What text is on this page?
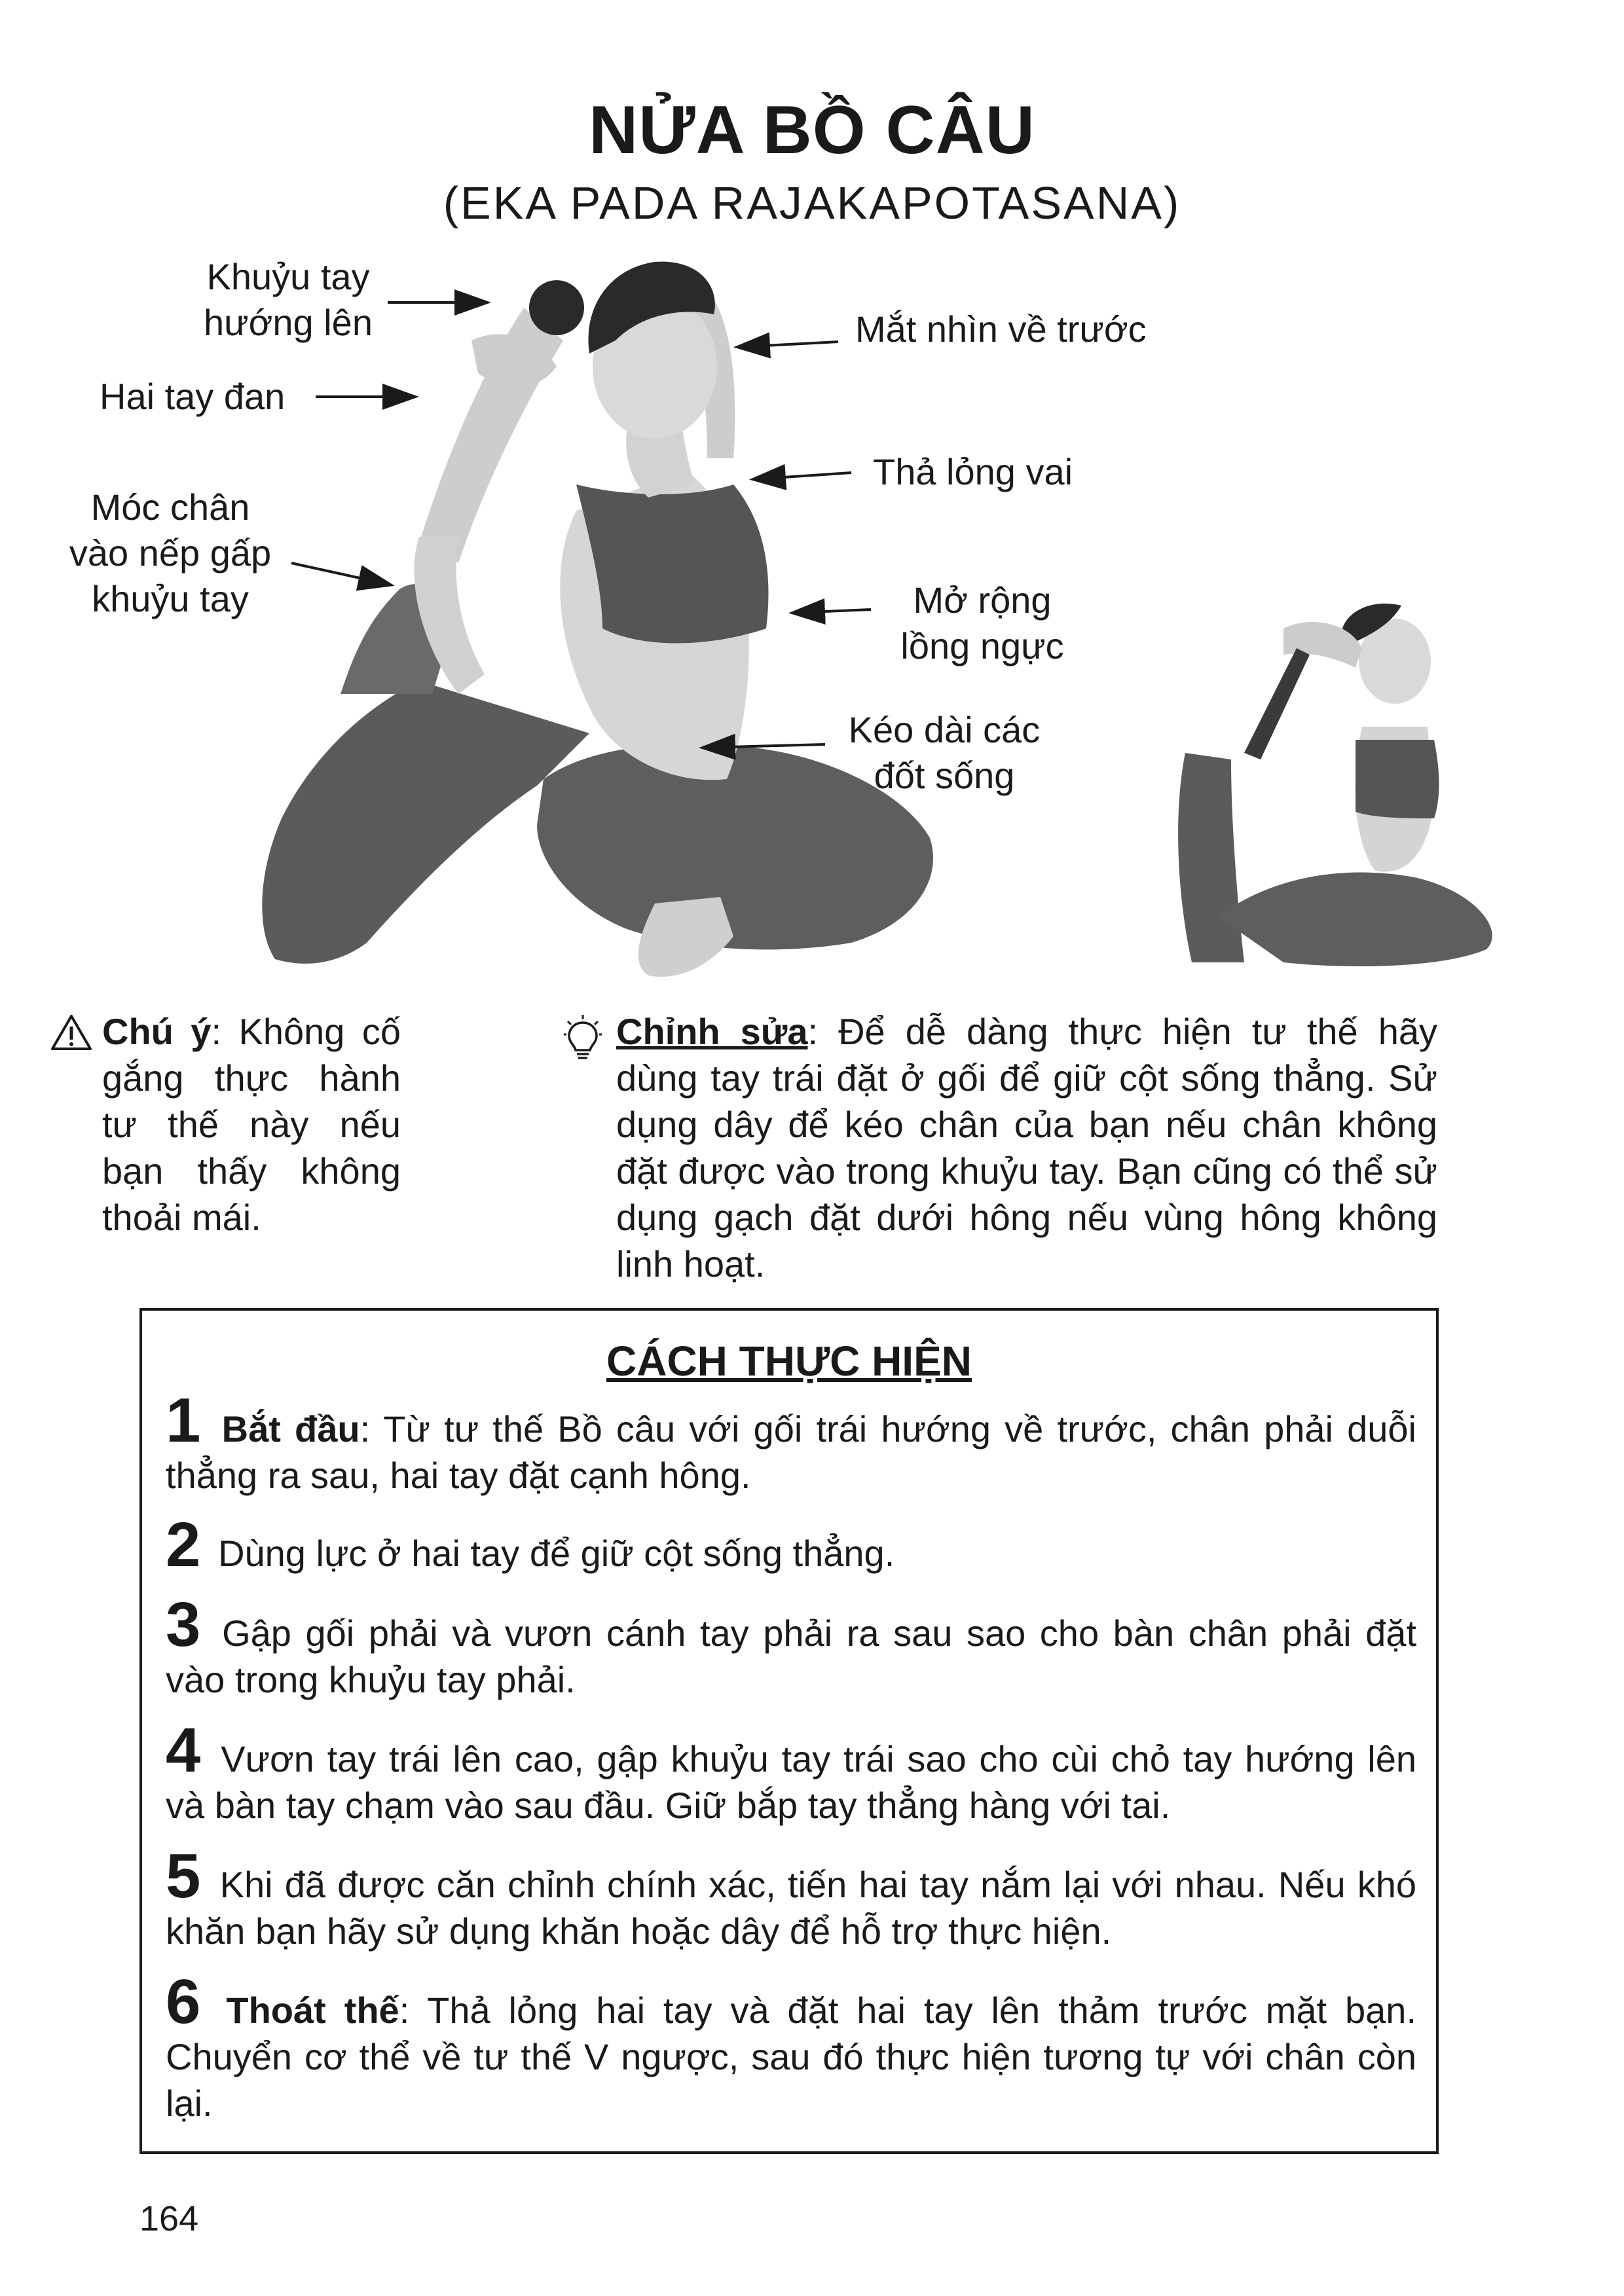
NỬA BỒ CÂU
(EKA PADA RAJAKAPOTASANA)
Khuỷu tay
hướng lên
Hai tay đan
Móc chân
vào nếp gấp
khuỷu tay
Mắt nhìn về trước
Thả lỏng vai
Mở rộng
lồng ngực
Kéo dài các
đốt sống
Chú ý: Không cố gắng thực hành tư thế này nếu bạn thấy không thoải mái.
Chỉnh sửa: Để dễ dàng thực hiện tư thế hãy dùng tay trái đặt ở gối để giữ cột sống thẳng. Sử dụng dây để kéo chân của bạn nếu chân không đặt được vào trong khuỷu tay. Bạn cũng có thể sử dụng gạch đặt dưới hông nếu vùng hông không linh hoạt.
CÁCH THỰC HIỆN
1 Bắt đầu: Từ tư thế Bồ câu với gối trái hướng về trước, chân phải duỗi thẳng ra sau, hai tay đặt cạnh hông.
2 Dùng lực ở hai tay để giữ cột sống thẳng.
3 Gập gối phải và vươn cánh tay phải ra sau sao cho bàn chân phải đặt vào trong khuỷu tay phải.
4 Vươn tay trái lên cao, gập khuỷu tay trái sao cho cùi chỏ tay hướng lên và bàn tay chạm vào sau đầu. Giữ bắp tay thẳng hàng với tai.
5 Khi đã được căn chỉnh chính xác, tiến hai tay nắm lại với nhau. Nếu khó khăn bạn hãy sử dụng khăn hoặc dây để hỗ trợ thực hiện.
6 Thoát thế: Thả lỏng hai tay và đặt hai tay lên thảm trước mặt bạn. Chuyển cơ thể về tư thế V ngược, sau đó thực hiện tương tự với chân còn lại.
164
